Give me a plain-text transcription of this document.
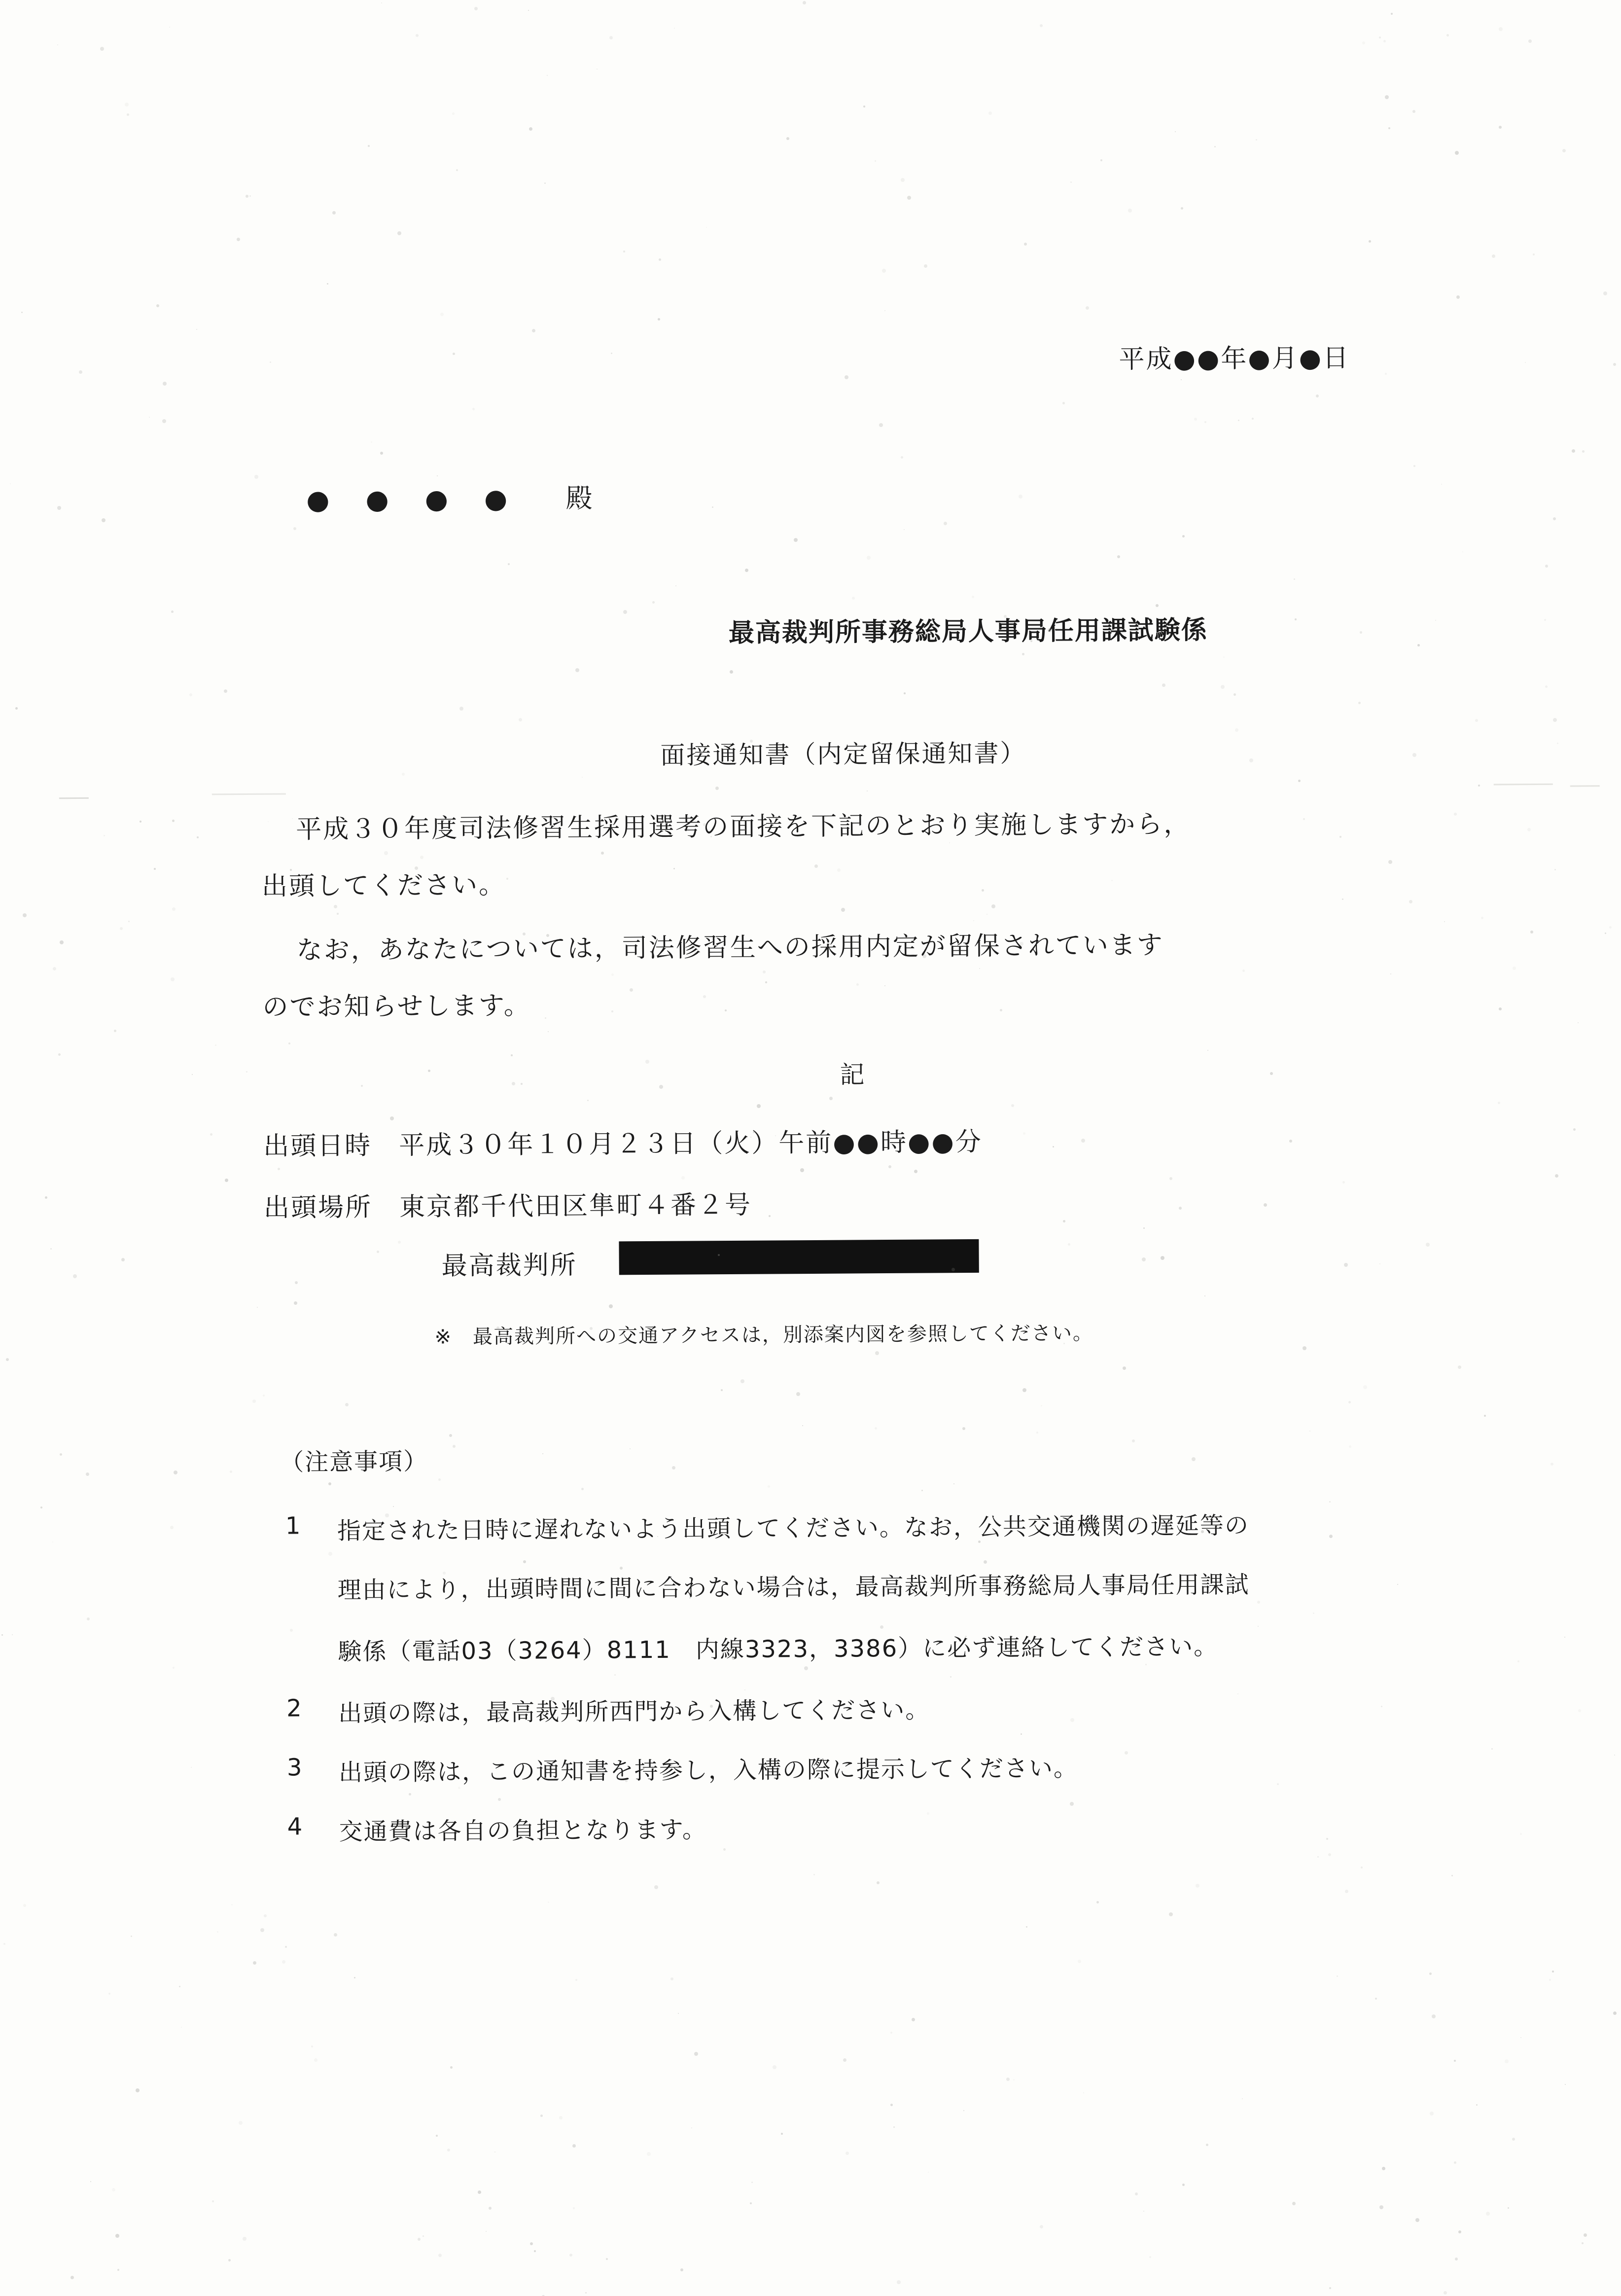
平成●●年●月●日
● ● ● ●  殿
最高裁判所事務総局人事局任用課試験係
面接通知書（内定留保通知書）
平成３０年度司法修習生採用選考の面接を下記のとおり実施しますから，
出頭してください。
なお，あなたについては，司法修習生への採用内定が留保されています
のでお知らせします。
記
出頭日時　 平成３０年１０月２３日（火）午前●●時●●分
出頭場所　 東京都千代田区隼町４番２号
最高裁判所
※　最高裁判所への交通アクセスは，別添案内図を参照してください。
（注意事項）
1 指定された日時に遅れないよう出頭してください。なお，公共交通機関の遅延等の
理由により，出頭時間に間に合わない場合は，最高裁判所事務総局人事局任用課試
験係（電話03（3264）8111　内線3323，3386）に必ず連絡してください。
2 出頭の際は，最高裁判所西門から入構してください。
3 出頭の際は，この通知書を持参し，入構の際に提示してください。
4 交通費は各自の負担となります。
